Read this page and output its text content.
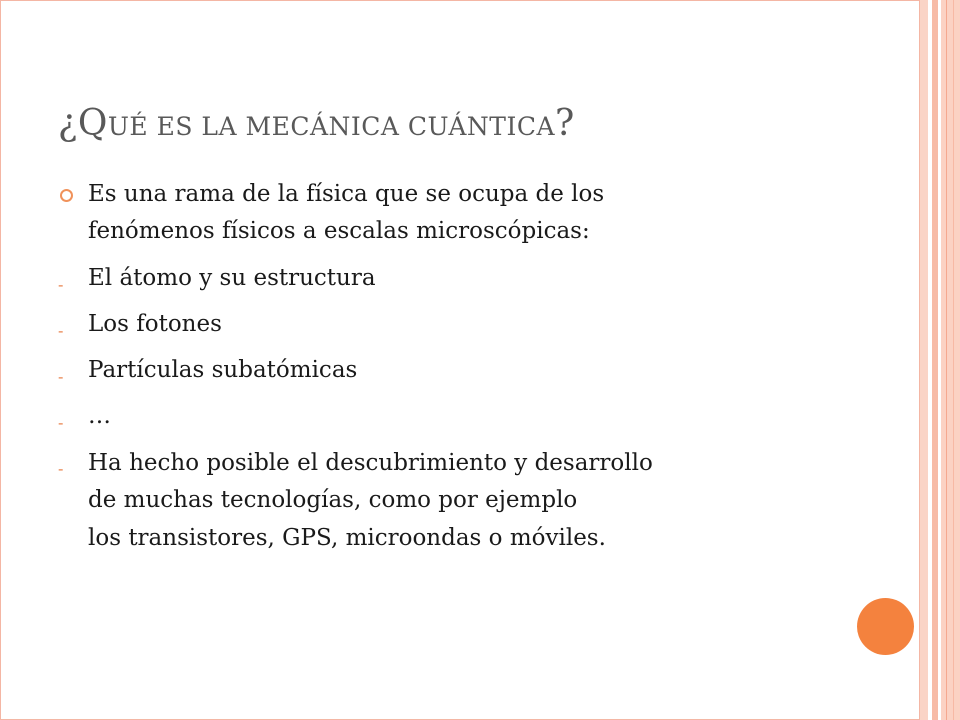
¿QUÉ ES LA MECÁNICA CUÁNTICA?
Es una rama de la física que se ocupa de los
fenómenos físicos a escalas microscópicas:
- El átomo y su estructura
- Los fotones
- Partículas subatómicas
- …
- Ha hecho posible el descubrimiento y desarrollo
de muchas tecnologías, como por ejemplo
los transistores, GPS, microondas o móviles.
